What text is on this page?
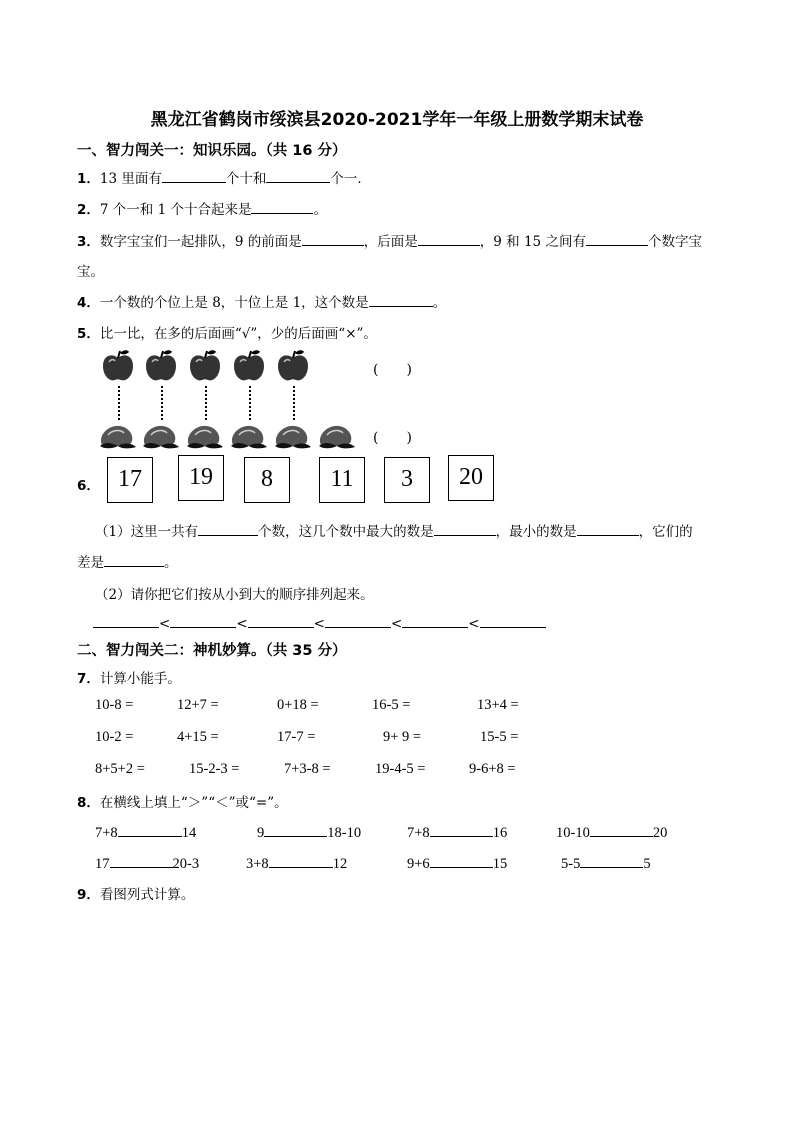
黑龙江省鹤岗市绥滨县2020-2021学年一年级上册数学期末试卷
一、智力闯关一：知识乐园。（共 16 分）
1．13 里面有	个十和	个一．
2．7 个一和 1 个十合起来是	。
3．数字宝宝们一起排队，9 的前面是	，后面是	，9 和 15 之间有	个数字宝
宝。
4．一个数的个位上是 8，十位上是 1，这个数是	。
5．比一比，在多的后面画“√”，少的后面画“×”。
(　　)
(　　)
6． 17	19	8	11	3	20
（1）这里一共有	个数，这几个数中最大的数是	，最小的数是	，它们的
差是	。
（2）请你把它们按从小到大的顺序排列起来。
<	<	<	<	<
二、智力闯关二：神机妙算。（共 35 分）
7．计算小能手。
10-8 =	12+7 =	0+18 =	16-5 =	13+4 =
10-2 =	4+15 =	17-7 =	9+ 9 =	15-5 =
8+5+2 =	15-2-3 =	7+3-8 =	19-4-5 =	9-6+8 =
8．在横线上填上“＞”“＜”或“=”。
7+8	14	9	18-10	7+8	16	10-10	20
17	20-3	3+8	12	9+6	15	5-5	5
9．看图列式计算。
